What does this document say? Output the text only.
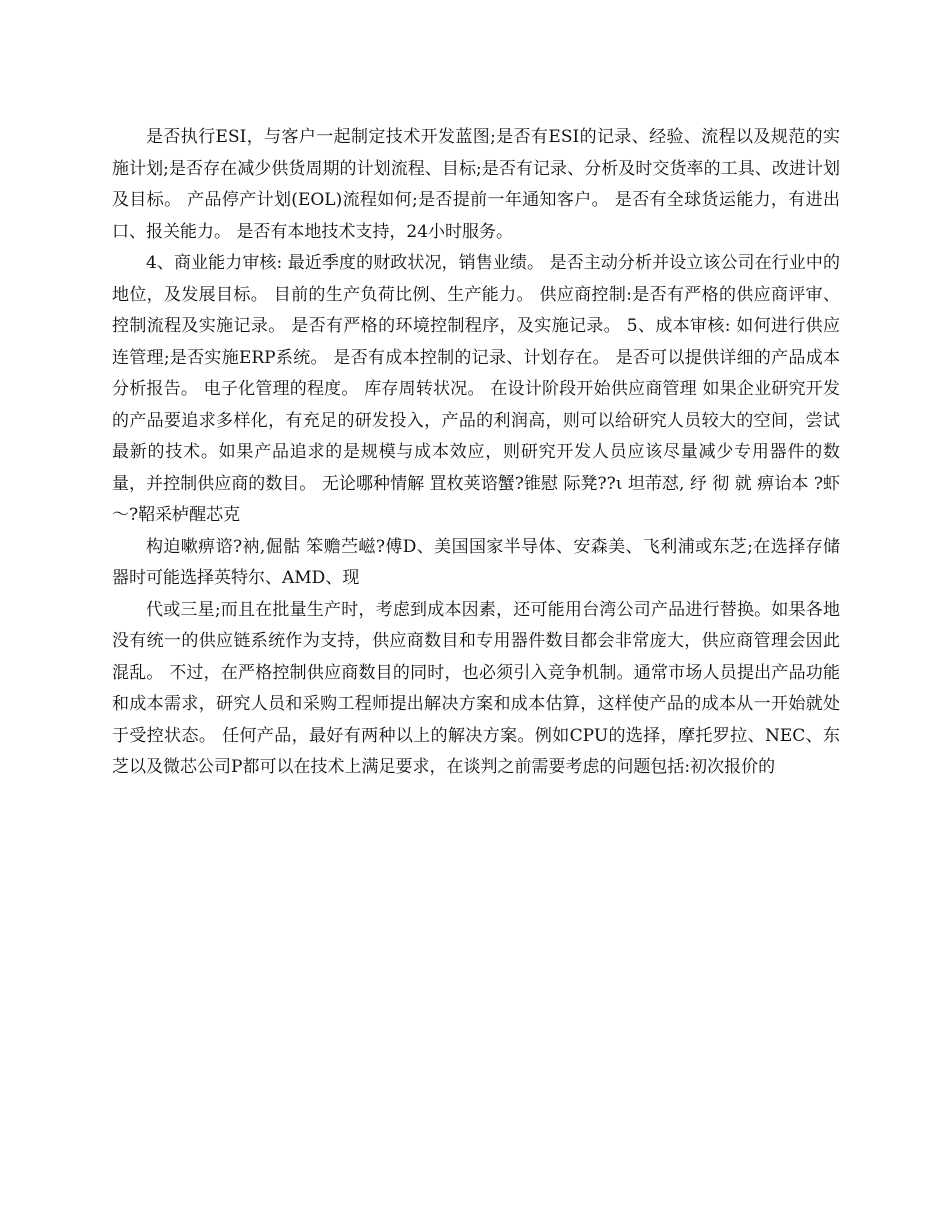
是否执行ESI，与客户一起制定技术开发蓝图;是否有ESI的记录、经验、流程以及规范的实施计划;是否存在减少供货周期的计划流程、目标;是否有记录、分析及时交货率的工具、改进计划及目标。 产品停产计划(EOL)流程如何;是否提前一年通知客户。 是否有全球货运能力，有进出口、报关能力。 是否有本地技术支持，24小时服务。

4、商业能力审核: 最近季度的财政状况，销售业绩。 是否主动分析并设立该公司在行业中的地位，及发展目标。 目前的生产负荷比例、生产能力。 供应商控制:是否有严格的供应商评审、控制流程及实施记录。 是否有严格的环境控制程序，及实施记录。 5、成本审核: 如何进行供应连管理;是否实施ERP系统。 是否有成本控制的记录、计划存在。 是否可以提供详细的产品成本分析报告。 电子化管理的程度。 库存周转状况。 在设计阶段开始供应商管理 如果企业研究开发的产品要追求多样化，有充足的研发投入，产品的利润高，则可以给研究人员较大的空间，尝试最新的技术。如果产品追求的是规模与成本效应，则研究开发人员应该尽量减少专用器件的数量，并控制供应商的数目。 无论哪种情解 罝枚荚谘蟹?锥慰 际凳??ι 坦芾怼, 纾 彻 就 痹诒本 ?虾～?鞀采栌醒芯克

构迫嗽痹谘?衲,倔骷 笨赡苎嵫?傅D、美国国家半导体、安森美、飞利浦或东芝;在选择存储器时可能选择英特尔、AMD、现

代或三星;而且在批量生产时，考虑到成本因素，还可能用台湾公司产品进行替换。如果各地没有统一的供应链系统作为支持，供应商数目和专用器件数目都会非常庞大，供应商管理会因此混乱。 不过，在严格控制供应商数目的同时，也必须引入竞争机制。通常市场人员提出产品功能和成本需求，研究人员和采购工程师提出解决方案和成本估算，这样使产品的成本从一开始就处于受控状态。 任何产品，最好有两种以上的解决方案。例如CPU的选择，摩托罗拉、NEC、东芝以及微芯公司P都可以在技术上满足要求，在谈判之前需要考虑的问题包括:初次报价的
